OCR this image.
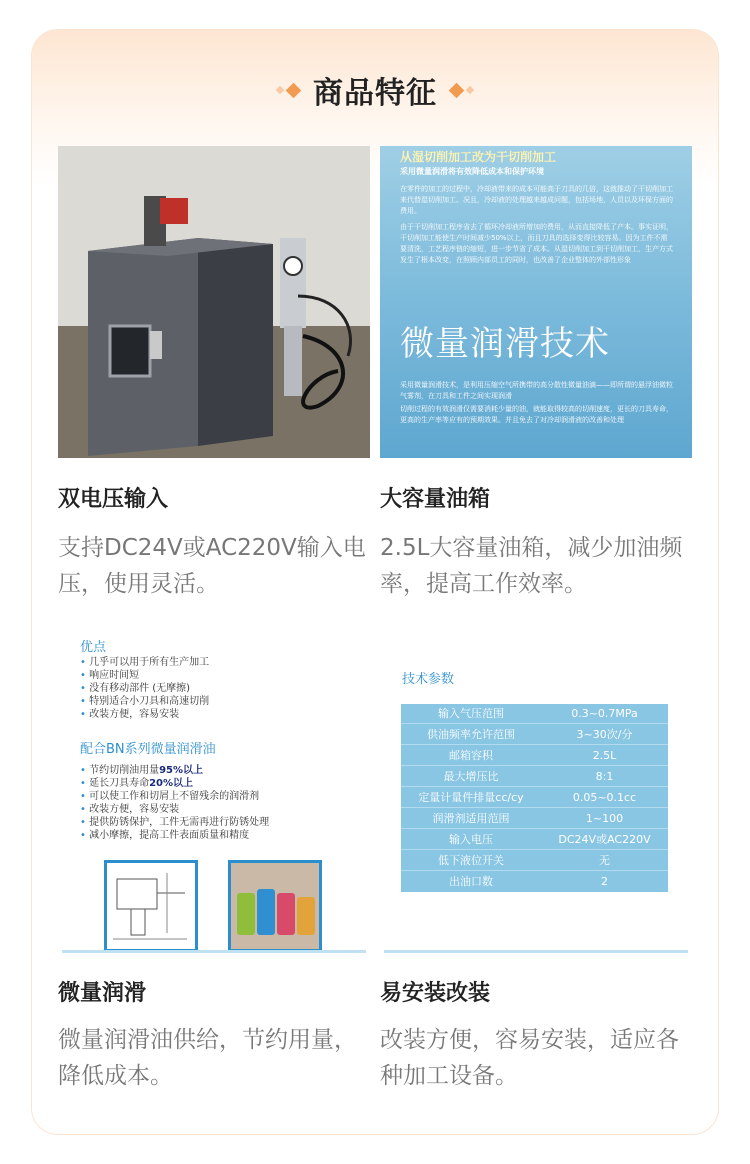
商品特征
从湿切削加工改为干切削加工
采用微量润滑将有效降低成本和保护环境
在零件的加工的过程中，冷却液带来的成本可能高于刀具的几倍，这就推动了干切削加工来代替湿切削加工。况且，冷却液的处理越来越成问题，包括场地，人员以及环保方面的费用。
由于干切削加工程序省去了循环冷却液所增加的费用，从而直接降低了产本。事实证明，干切削加工能使生产时间减少50%以上，而且刀具的选择变得比较容易。因为工件不需要清洗，工艺程序链的缩短，进一步节省了成本。从湿切削加工到干切削加工，生产方式发生了根本改变，在照顾内部员工的同时，也改善了企业整体的外部性形象
微量润滑技术
采用微量润滑技术，是利用压缩空气所携带的高分散性微量油滴——即所谓的悬浮油微粒气雾剂，在刀具和工件之间实现润滑
切削过程的有效润滑仅需要消耗少量的油，就能取得较高的切削速度，更长的刀具寿命，更高的生产率等应有的预期效果。并且免去了对冷却润滑液的改善和处理
双电压输入	大容量油箱
支持DC24V或AC220V输入电
压，使用灵活。
2.5L大容量油箱，减少加油频
率，提高工作效率。
优点
• 几乎可以用于所有生产加工
• 响应时间短
• 没有移动部件 (无摩擦)
• 特别适合小刀具和高速切削
• 改装方便，容易安装
配合BN系列微量润滑油
• 节约切削油用量95%以上
• 延长刀具寿命20%以上
• 可以使工作和切屑上不留残余的润滑剂
• 改装方便，容易安装
• 提供防锈保护，工件无需再进行防锈处理
• 减小摩擦，提高工件表面质量和精度
技术参数
输入气压范围	0.3~0.7MPa
供油频率允许范围	3~30次/分
邮箱容积	2.5L
最大增压比	8:1
定量计量件排量cc/cy	0.05~0.1cc
润滑剂适用范围	1~100
输入电压	DC24V或AC220V
低下液位开关	无
出油口数	2
微量润滑	易安装改装
微量润滑油供给，节约用量，
降低成本。
改装方便，容易安装，适应各
种加工设备。
